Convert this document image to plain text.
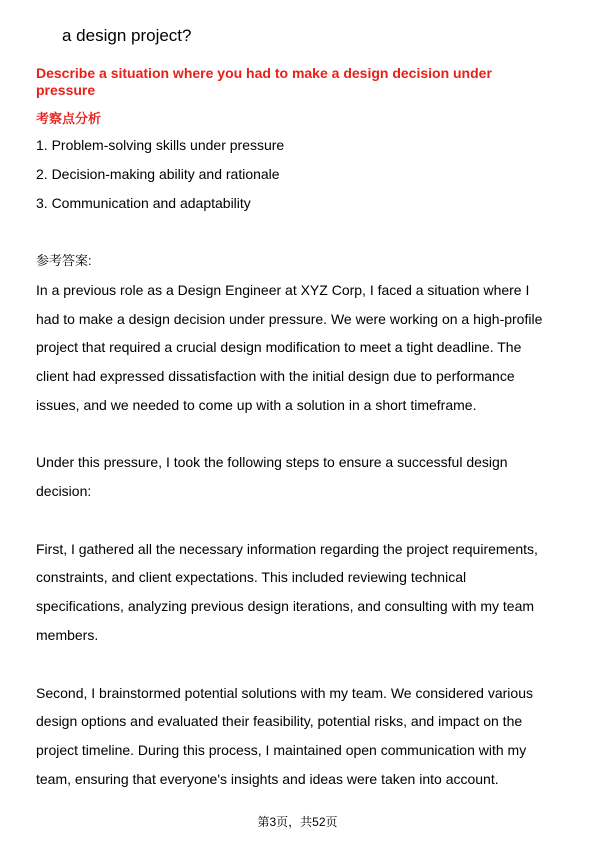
a design project?
Describe a situation where you had to make a design decision under
pressure
考察点分析
1. Problem-solving skills under pressure
2. Decision-making ability and rationale
3. Communication and adaptability
参考答案:
In a previous role as a Design Engineer at XYZ Corp, I faced a situation where I
had to make a design decision under pressure. We were working on a high-profile
project that required a crucial design modification to meet a tight deadline. The
client had expressed dissatisfaction with the initial design due to performance
issues, and we needed to come up with a solution in a short timeframe.
Under this pressure, I took the following steps to ensure a successful design
decision:
First, I gathered all the necessary information regarding the project requirements,
constraints, and client expectations. This included reviewing technical
specifications, analyzing previous design iterations, and consulting with my team
members.
Second, I brainstormed potential solutions with my team. We considered various
design options and evaluated their feasibility, potential risks, and impact on the
project timeline. During this process, I maintained open communication with my
team, ensuring that everyone's insights and ideas were taken into account.
第3页，共52页
